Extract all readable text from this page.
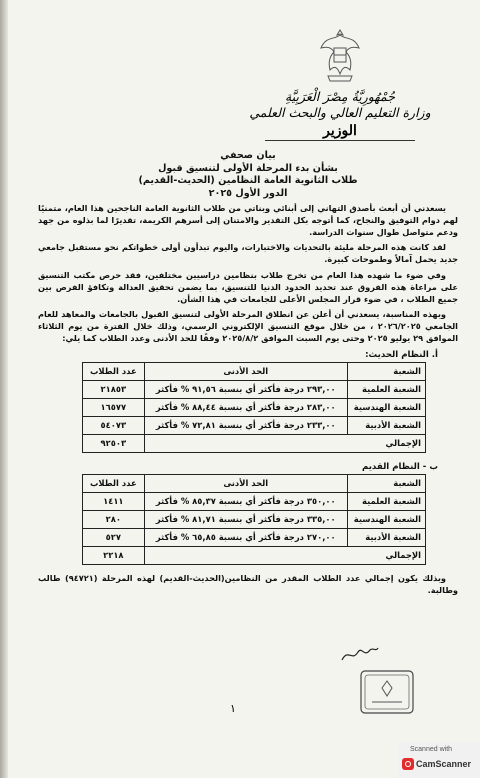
جُمْهُورِيَّةُ مِصْرَ الْعَرَبِيَّةِ
وزارة التعليم العالي والبحث العلمي
الوزير
بيان صحفي
بشأن بدء المرحلة الأولى لتنسيق قبول
طلاب الثانوية العامة النظامين (الحديث-القديم)
الدور الأول ٢٠٢٥

يسعدني أن أبعث بأصدق التهاني إلى أبنائي وبناتي من طلاب الثانوية العامة الناجحين هذا العام، متمنيًا لهم دوام التوفيق والنجاح، كما أتوجه بكل التقدير والامتنان إلى أسرهم الكريمة، تقديرًا لما بذلوه من جهد ودعم متواصل طوال سنوات الدراسة.

لقد كانت هذه المرحلة مليئة بالتحديات والاختبارات، واليوم تبدأون أولى خطواتكم نحو مستقبل جامعي جديد يحمل آمالاً وطموحات كبيرة.

وفي ضوء ما شهده هذا العام من تخرج طلاب بنظامين دراسيين مختلفين، فقد حرص مكتب التنسيق على مراعاة هذه الفروق عند تحديد الحدود الدنيا للتنسيق، بما يضمن تحقيق العدالة وتكافؤ الفرص بين جميع الطلاب ، في ضوء قرار المجلس الأعلى للجامعات في هذا الشأن.

وبهذه المناسبة، يسعدني أن أعلن عن انطلاق المرحلة الأولى لتنسيق القبول بالجامعات والمعاهد للعام الجامعي ٢٠٢٦/٢٠٢٥ ، من خلال موقع التنسيق الإلكتروني الرسمي، وذلك خلال الفترة من يوم الثلاثاء الموافق ٢٩ يوليو ٢٠٢٥ وحتى يوم السبت الموافق ٢٠٢٥/٨/٢ وفقًا للحد الأدنى وعدد الطلاب كما يلي:

أ. النظام الحديث:
الشعبة	الحد الأدنى	عدد الطلاب
الشعبة العلمية	٢٩٣,٠٠ درجة فأكثر أي بنسبة ٩١,٥٦ % فأكثر	٢١٨٥٣
الشعبة الهندسية	٢٨٣,٠٠ درجة فأكثر أي بنسبة ٨٨,٤٤ % فأكثر	١٦٥٧٧
الشعبة الأدبية	٢٣٣,٠٠ درجة فأكثر أي بنسبة ٧٢,٨١ % فأكثر	٥٤٠٧٣
الإجمالي		٩٢٥٠٣
ب - النظام القديم
الشعبة	الحد الأدنى	عدد الطلاب
الشعبة العلمية	٣٥٠,٠٠ درجة فأكثر أي بنسبة ٨٥,٣٧ % فأكثر	١٤١١
الشعبة الهندسية	٣٣٥,٠٠ درجة فأكثر أي بنسبة ٨١,٧١ % فأكثر	٢٨٠
الشعبة الأدبية	٢٧٠,٠٠ درجة فأكثر أي بنسبة ٦٥,٨٥ % فأكثر	٥٢٧
الإجمالي		٢٢١٨

وبذلك يكون إجمالي عدد الطلاب المقدر من النظامين(الحديث-القديم) لهذه المرحلة (٩٤٧٢١) طالب وطالبة.

١
Scanned with
CamScanner
